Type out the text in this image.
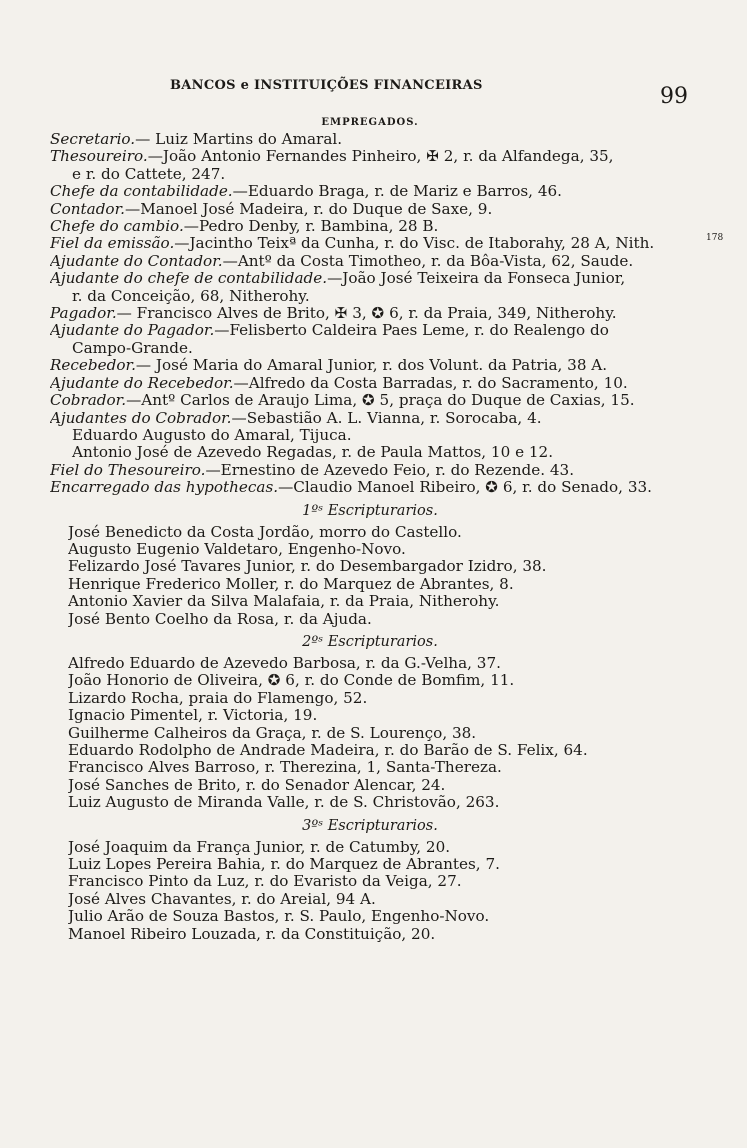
BANCOS e INSTITUIÇÕES FINANCEIRAS	99
178
EMPREGADOS.
Secretario.— Luiz Martins do Amaral.
Thesoureiro.—João Antonio Fernandes Pinheiro, ✠ 2, r. da Alfandega, 35,
e r. do Cattete, 247.
Chefe da contabilidade.—Eduardo Braga, r. de Mariz e Barros, 46.
Contador.—Manoel José Madeira, r. do Duque de Saxe, 9.
Chefe do cambio.—Pedro Denby, r. Bambina, 28 B.
Fiel da emissão.—Jacintho Teixª da Cunha, r. do Visc. de Itaborahy, 28 A, Nith.
Ajudante do Contador.—Antº da Costa Timotheo, r. da Bôa-Vista, 62, Saude.
Ajudante do chefe de contabilidade.—João José Teixeira da Fonseca Junior,
r. da Conceição, 68, Nitherohy.
Pagador.— Francisco Alves de Brito, ✠ 3, ✪ 6, r. da Praia, 349, Nitherohy.
Ajudante do Pagador.—Felisberto Caldeira Paes Leme, r. do Realengo do
Campo-Grande.
Recebedor.— José Maria do Amaral Junior, r. dos Volunt. da Patria, 38 A.
Ajudante do Recebedor.—Alfredo da Costa Barradas, r. do Sacramento, 10.
Cobrador.—Antº Carlos de Araujo Lima, ✪ 5, praça do Duque de Caxias, 15.
Ajudantes do Cobrador.—Sebastião A. L. Vianna, r. Sorocaba, 4.
Eduardo Augusto do Amaral, Tijuca.
Antonio José de Azevedo Regadas, r. de Paula Mattos, 10 e 12.
Fiel do Thesoureiro.—Ernestino de Azevedo Feio, r. do Rezende. 43.
Encarregado das hypothecas.—Claudio Manoel Ribeiro, ✪ 6, r. do Senado, 33.
1ºˢ Escripturarios.
José Benedicto da Costa Jordão, morro do Castello.
Augusto Eugenio Valdetaro, Engenho-Novo.
Felizardo José Tavares Junior, r. do Desembargador Izidro, 38.
Henrique Frederico Moller, r. do Marquez de Abrantes, 8.
Antonio Xavier da Silva Malafaia, r. da Praia, Nitherohy.
José Bento Coelho da Rosa, r. da Ajuda.
2ºˢ Escripturarios.
Alfredo Eduardo de Azevedo Barbosa, r. da G.-Velha, 37.
João Honorio de Oliveira, ✪ 6, r. do Conde de Bomfim, 11.
Lizardo Rocha, praia do Flamengo, 52.
Ignacio Pimentel, r. Victoria, 19.
Guilherme Calheiros da Graça, r. de S. Lourenço, 38.
Eduardo Rodolpho de Andrade Madeira, r. do Barão de S. Felix, 64.
Francisco Alves Barroso, r. Therezina, 1, Santa-Thereza.
José Sanches de Brito, r. do Senador Alencar, 24.
Luiz Augusto de Miranda Valle, r. de S. Christovão, 263.
3ºˢ Escripturarios.
José Joaquim da França Junior, r. de Catumby, 20.
Luiz Lopes Pereira Bahia, r. do Marquez de Abrantes, 7.
Francisco Pinto da Luz, r. do Evaristo da Veiga, 27.
José Alves Chavantes, r. do Areial, 94 A.
Julio Arão de Souza Bastos, r. S. Paulo, Engenho-Novo.
Manoel Ribeiro Louzada, r. da Constituição, 20.
